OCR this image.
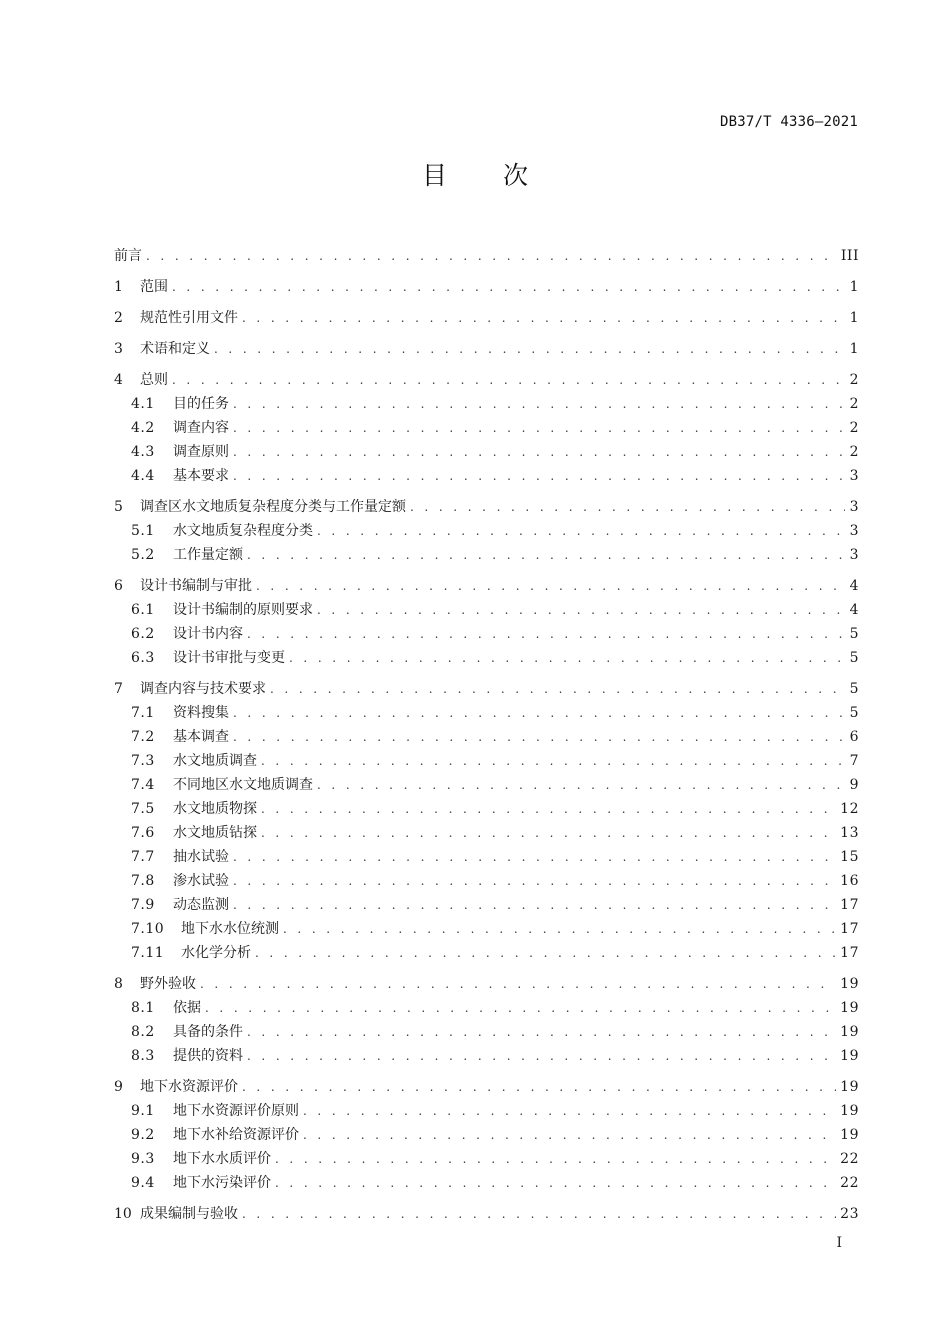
DB37/T 4336—2021
目 次
前言 . . .	III
1	范围 . . .	1
2	规范性引用文件 . . .	1
3	术语和定义 . . .	1
4	总则 . . .	2
4.1	目的任务 . . .	2
4.2	调查内容 . . .	2
4.3	调查原则 . . .	2
4.4	基本要求 . . .	3
5	调查区水文地质复杂程度分类与工作量定额 . . .	3
5.1	水文地质复杂程度分类 . . .	3
5.2	工作量定额 . . .	3
6	设计书编制与审批 . . .	4
6.1	设计书编制的原则要求 . . .	4
6.2	设计书内容 . . .	5
6.3	设计书审批与变更 . . .	5
7	调查内容与技术要求 . . .	5
7.1	资料搜集 . . .	5
7.2	基本调查 . . .	6
7.3	水文地质调查 . . .	7
7.4	不同地区水文地质调查 . . .	9
7.5	水文地质物探 . . .	12
7.6	水文地质钻探 . . .	13
7.7	抽水试验 . . .	15
7.8	渗水试验 . . .	16
7.9	动态监测 . . .	17
7.10	地下水水位统测 . . .	17
7.11	水化学分析 . . .	17
8	野外验收 . . .	19
8.1	依据 . . .	19
8.2	具备的条件 . . .	19
8.3	提供的资料 . . .	19
9	地下水资源评价 . . .	19
9.1	地下水资源评价原则 . . .	19
9.2	地下水补给资源评价 . . .	19
9.3	地下水水质评价 . . .	22
9.4	地下水污染评价 . . .	22
10 成果编制与验收 . . .	23
I
